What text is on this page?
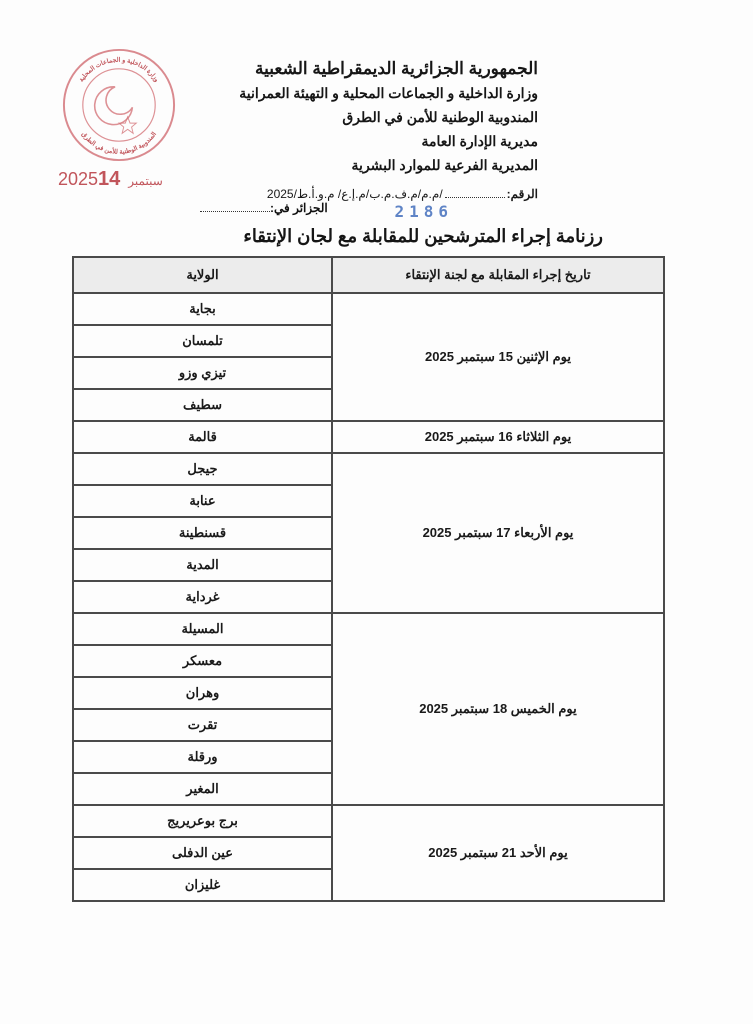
وزارة الداخلية و الجماعات المحلية
المندوبية الوطنية للأمن في الطرق
الجمهورية الجزائرية الديمقراطية الشعبية
وزارة الداخلية و الجماعات المحلية و التهيئة العمرانية
المندوبية الوطنية للأمن في الطرق
مديرية الإدارة العامة
المديرية الفرعية للموارد البشرية
2025	سبتمبر14
الرقم:/م.م/م.ف.م.ب/م.إ.ع/ م.و.أ.ط/2025
الجزائر في:	2186
رزنامة إجراء المترشحين للمقابلة مع لجان الإنتقاء
تاريخ إجراء المقابلة مع لجنة الإنتقاء	الولاية
يوم الإثنين 15 سبتمبر 2025	بجاية
	تلمسان
	تيزي وزو
	سطيف
يوم الثلاثاء 16 سبتمبر 2025	قالمة
يوم الأربعاء 17 سبتمبر 2025	جيجل
	عنابة
	قسنطينة
	المدية
	غرداية
يوم الخميس 18 سبتمبر 2025	المسيلة
	معسكر
	وهران
	تقرت
	ورقلة
	المغير
يوم الأحد 21 سبتمبر 2025	برج بوعريريج
	عين الدفلى
	غليزان
